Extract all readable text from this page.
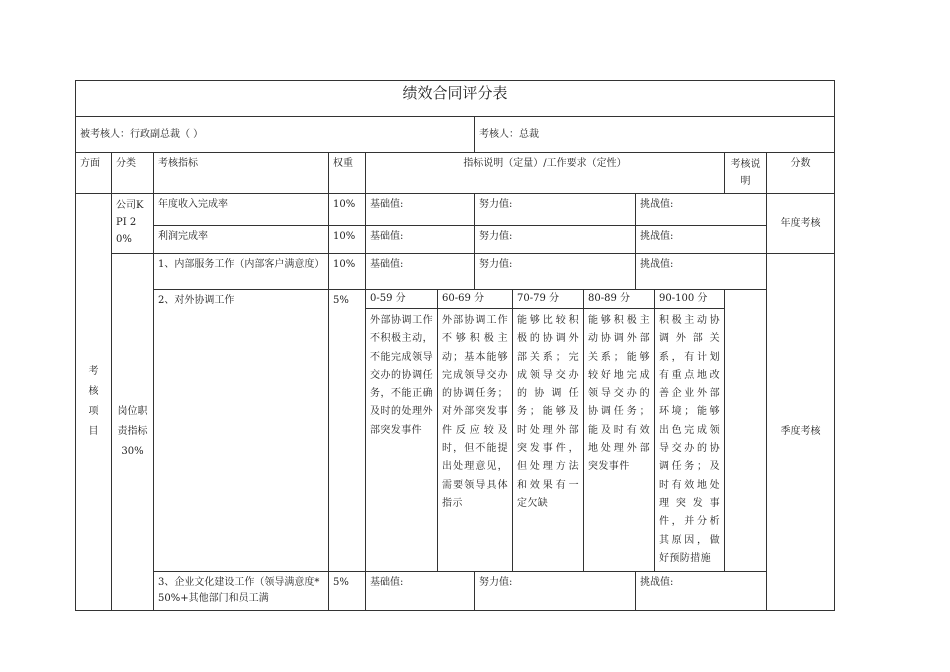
绩效合同评分表													
被考核人：行政副总裁（ ）						考核人：总裁							
方面	分类	考核指标	权重	指标说明（定量）/工作要求（定性）							考核说明	分数	
考核项目	公司KPI 20%	年度收入完成率	10%	基础值:		努力值:			挑战值:			年度考核	
		利润完成率	10%	基础值:		努力值:			挑战值:				
	岗位职责指标30%	1、内部服务工作（内部客户满意度）	10%	基础值:		努力值:			挑战值:			季度考核	
		2、对外协调工作	5%	0-59 分	60-69 分		70-79 分	80-89 分		90-100 分			
				外部协调工作不积极主动，不能完成领导交办的协调任务，不能正确及时的处理外部突发事件	外部协调工作不够积极主动；基本能够完成领导交办的协调任务；对外部突发事件反应较及时，但不能提出处理意见，需要领导具体指示		能够比较积极的协调外部关系；完成领导交办的协调任务；能够及时处理外部突发事件，但处理方法和效果有一定欠缺	能够积极主动协调外部关系；能够较好地完成领导交办的协调任务；能及时有效地处理外部突发事件		积极主动协调外部关系，有计划有重点地改善企业外部环境；能够出色完成领导交办的协调任务；及时有效地处理突发事件，并分析其原因，做好预防措施			
		3、企业文化建设工作（领导满意度*50%+其他部门和员工满	5%	基础值:		努力值:			挑战值:				
